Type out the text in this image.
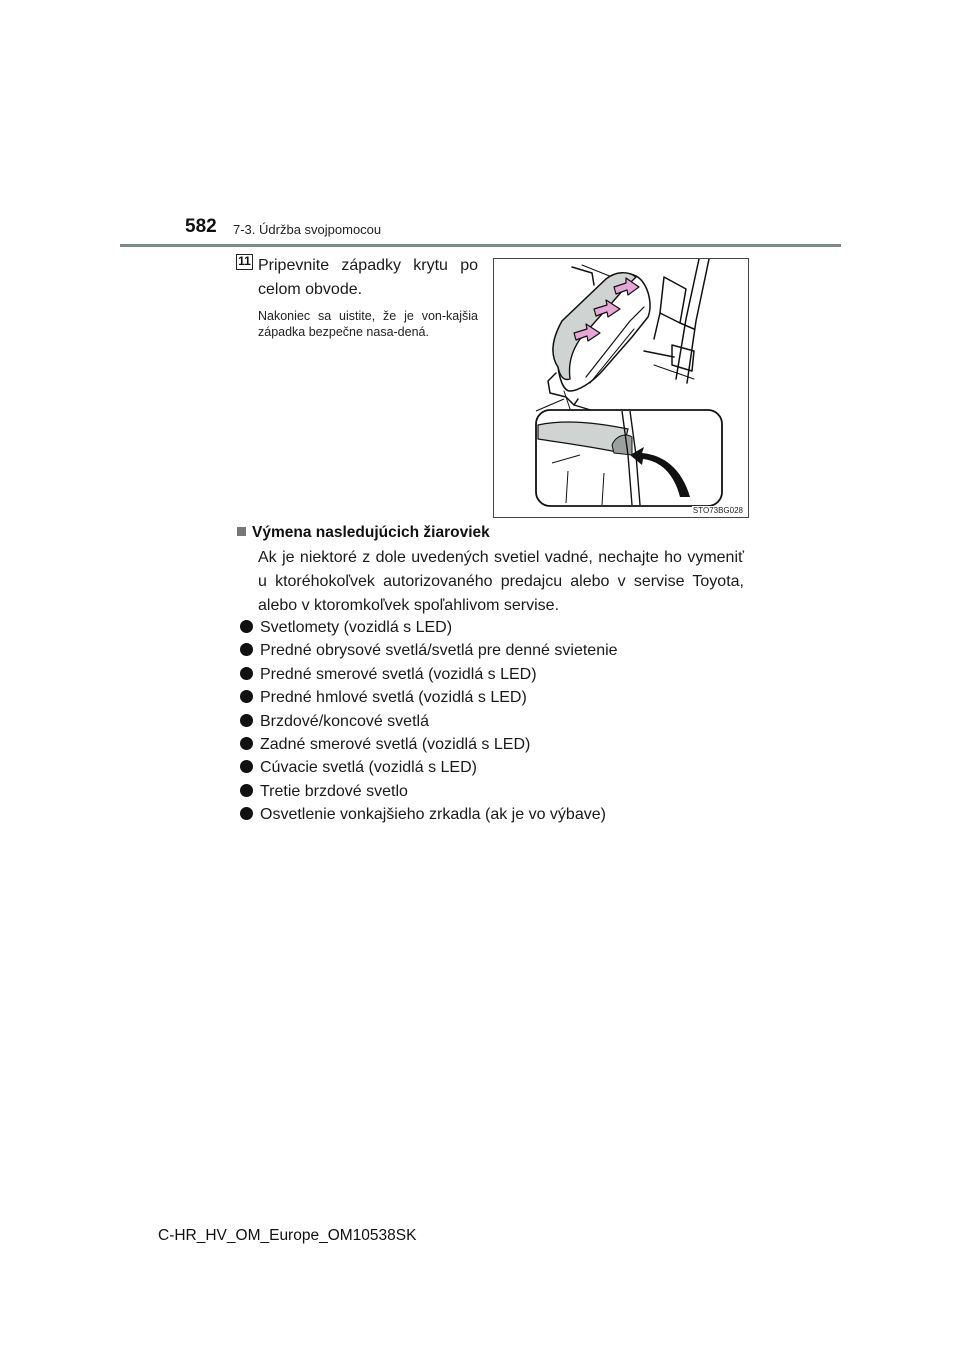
582 7-3. Údržba svojpomocou
11 Pripevnite západky krytu po celom obvode.
Nakoniec sa uistite, že je von-kajšia západka bezpečne nasa-dená.
STO73BG028
Výmena nasledujúcich žiaroviek
Ak je niektoré z dole uvedených svetiel vadné, nechajte ho vymeniť u ktoréhokoľvek autorizovaného predajcu alebo v servise Toyota, alebo v ktoromkoľvek spoľahlivom servise.
Svetlomety (vozidlá s LED)
Predné obrysové svetlá/svetlá pre denné svietenie
Predné smerové svetlá (vozidlá s LED)
Predné hmlové svetlá (vozidlá s LED)
Brzdové/koncové svetlá
Zadné smerové svetlá (vozidlá s LED)
Cúvacie svetlá (vozidlá s LED)
Tretie brzdové svetlo
Osvetlenie vonkajšieho zrkadla (ak je vo výbave)
C-HR_HV_OM_Europe_OM10538SK
